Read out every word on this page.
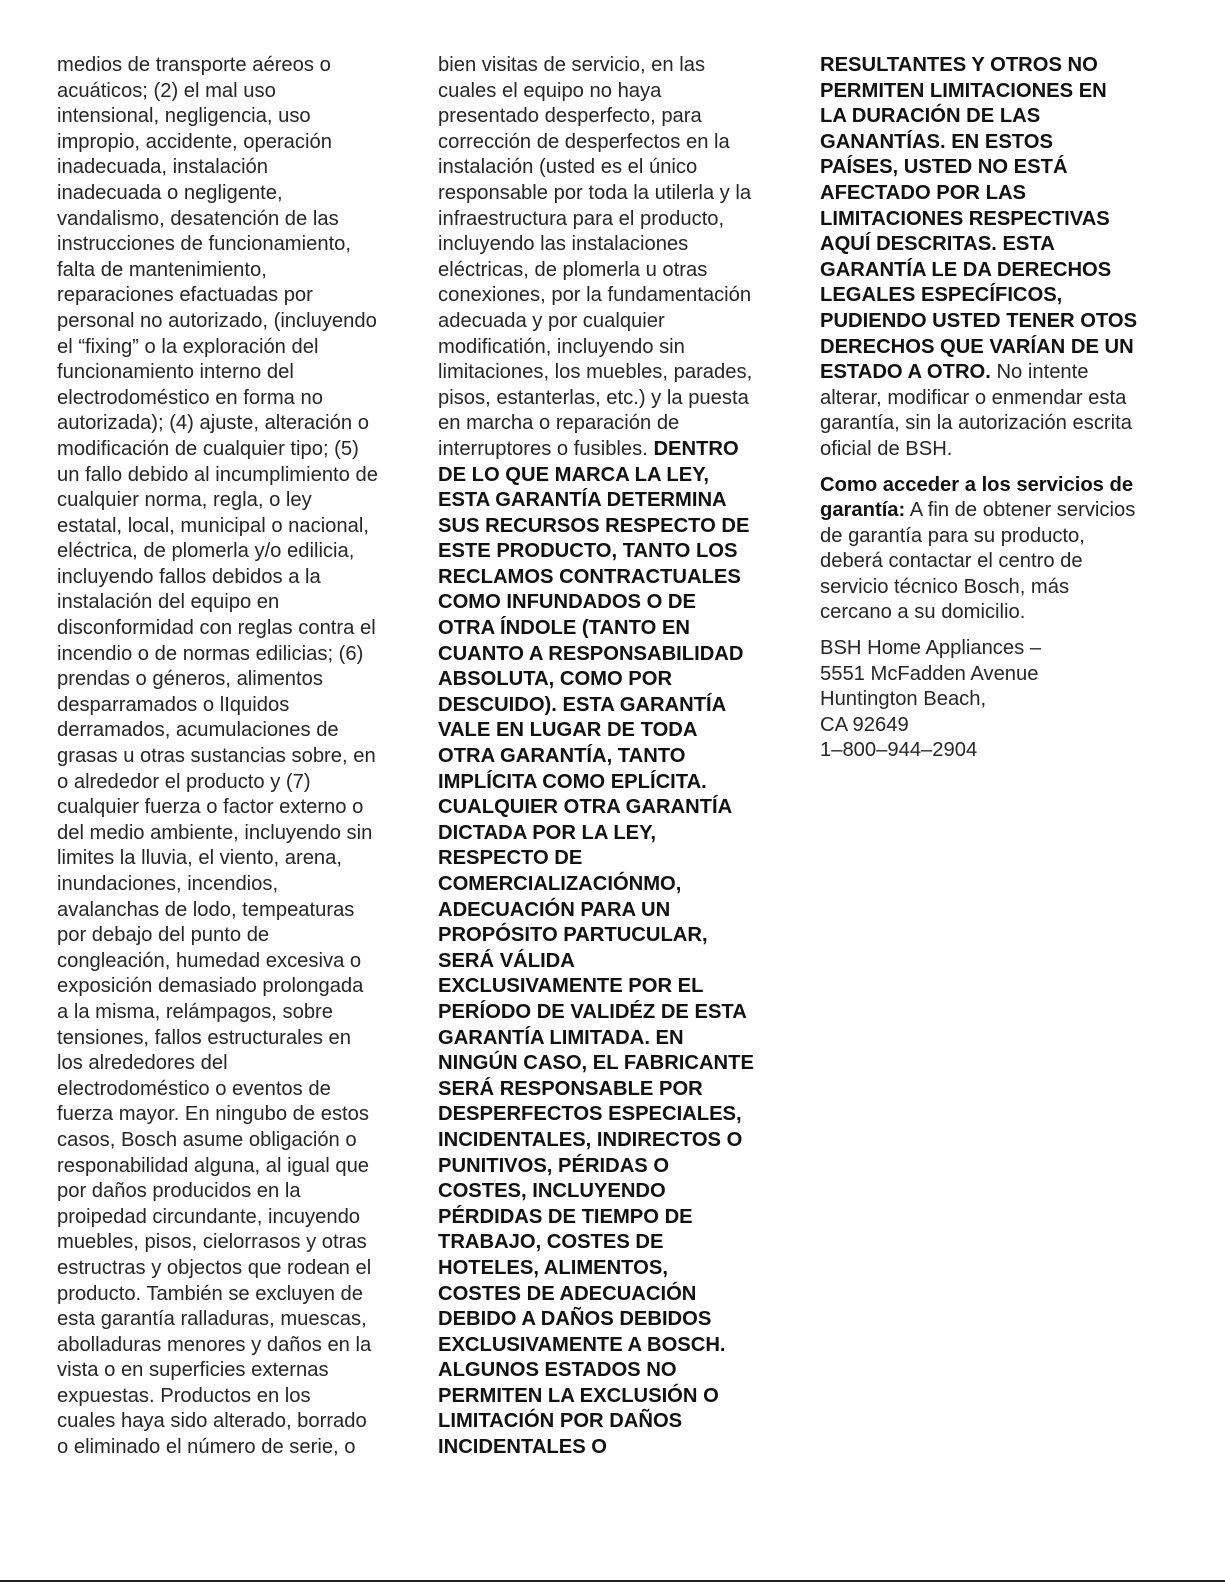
medios de transporte aéreos o
acuáticos; (2) el mal uso
intensional, negligencia, uso
impropio, accidente, operación
inadecuada, instalación
inadecuada o negligente,
vandalismo, desatención de las
instrucciones de funcionamiento,
falta de mantenimiento,
reparaciones efactuadas por
personal no autorizado, (incluyendo
el “fixing” o la exploración del
funcionamiento interno del
electrodoméstico en forma no
autorizada); (4) ajuste, alteración o
modificación de cualquier tipo; (5)
un fallo debido al incumplimiento de
cualquier norma, regla, o ley
estatal, local, municipal o nacional,
eléctrica, de plomerla y/o edilicia,
incluyendo fallos debidos a la
instalación del equipo en
disconformidad con reglas contra el
incendio o de normas edilicias; (6)
prendas o géneros, alimentos
desparramados o lIquidos
derramados, acumulaciones de
grasas u otras sustancias sobre, en
o alrededor el producto y (7)
cualquier fuerza o factor externo o
del medio ambiente, incluyendo sin
limites la lluvia, el viento, arena,
inundaciones, incendios,
avalanchas de lodo, tempeaturas
por debajo del punto de
congleación, humedad excesiva o
exposición demasiado prolongada
a la misma, relámpagos, sobre
tensiones, fallos estructurales en
los alrededores del
electrodoméstico o eventos de
fuerza mayor. En ningubo de estos
casos, Bosch asume obligación o
responabilidad alguna, al igual que
por daños producidos en la
proipedad circundante, incuyendo
muebles, pisos, cielorrasos y otras
estructras y objectos que rodean el
producto. También se excluyen de
esta garantía ralladuras, muescas,
abolladuras menores y daños en la
vista o en superficies externas
expuestas. Productos en los
cuales haya sido alterado, borrado
o eliminado el número de serie, o
bien visitas de servicio, en las
cuales el equipo no haya
presentado desperfecto, para
corrección de desperfectos en la
instalación (usted es el único
responsable por toda la utilerla y la
infraestructura para el producto,
incluyendo las instalaciones
eléctricas, de plomerla u otras
conexiones, por la fundamentación
adecuada y por cualquier
modificatión, incluyendo sin
limitaciones, los muebles, parades,
pisos, estanterlas, etc.) y la puesta
en marcha o reparación de
interruptores o fusibles. DENTRO
DE LO QUE MARCA LA LEY,
ESTA GARANTÍA DETERMINA
SUS RECURSOS RESPECTO DE
ESTE PRODUCTO, TANTO LOS
RECLAMOS CONTRACTUALES
COMO INFUNDADOS O DE
OTRA ÍNDOLE (TANTO EN
CUANTO A RESPONSABILIDAD
ABSOLUTA, COMO POR
DESCUIDO). ESTA GARANTÍA
VALE EN LUGAR DE TODA
OTRA GARANTÍA, TANTO
IMPLÍCITA COMO EPLÍCITA.
CUALQUIER OTRA GARANTÍA
DICTADA POR LA LEY,
RESPECTO DE
COMERCIALIZACIÓNMO,
ADECUACIÓN PARA UN
PROPÓSITO PARTUCULAR,
SERÁ VÁLIDA
EXCLUSIVAMENTE POR EL
PERÍODO DE VALIDÉZ DE ESTA
GARANTÍA LIMITADA. EN
NINGÚN CASO, EL FABRICANTE
SERÁ RESPONSABLE POR
DESPERFECTOS ESPECIALES,
INCIDENTALES, INDIRECTOS O
PUNITIVOS, PÉRIDAS O
COSTES, INCLUYENDO
PÉRDIDAS DE TIEMPO DE
TRABAJO, COSTES DE
HOTELES, ALIMENTOS,
COSTES DE ADECUACIÓN
DEBIDO A DAÑOS DEBIDOS
EXCLUSIVAMENTE A BOSCH.
ALGUNOS ESTADOS NO
PERMITEN LA EXCLUSIÓN O
LIMITACIÓN POR DAÑOS
INCIDENTALES O
RESULTANTES Y OTROS NO
PERMITEN LIMITACIONES EN
LA DURACIÓN DE LAS
GANANTÍAS. EN ESTOS
PAÍSES, USTED NO ESTÁ
AFECTADO POR LAS
LIMITACIONES RESPECTIVAS
AQUÍ DESCRITAS. ESTA
GARANTÍA LE DA DERECHOS
LEGALES ESPECÍFICOS,
PUDIENDO USTED TENER OTOS
DERECHOS QUE VARÍAN DE UN
ESTADO A OTRO. No intente
alterar, modificar o enmendar esta
garantía, sin la autorización escrita
oficial de BSH.
Como acceder a los servicios de
garantía: A fin de obtener servicios
de garantía para su producto,
deberá contactar el centro de
servicio técnico Bosch, más
cercano a su domicilio.
BSH Home Appliances –
5551 McFadden Avenue
Huntington Beach,
CA 92649
1–800–944–2904
